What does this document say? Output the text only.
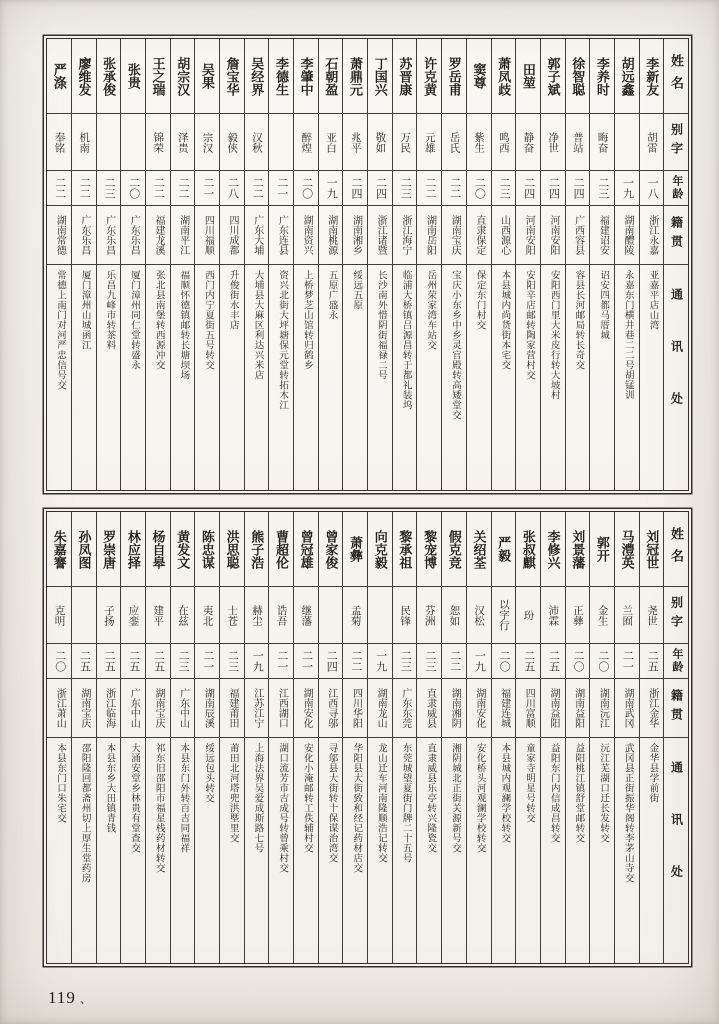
姓名
别字
年龄
籍贯
通讯处
李新友
胡雷
一八
浙江永嘉
亚嘉平店山湾
胡远鑫
一九
湖南醴陵
永嘉东门横井巷二二号胡锰训
李养时
晦奋
二三
福建诏安
诏安四都马厝城
徐智聪
普站
二四
广西容县
容县长河邮局转长奇交
郭子斌
净世
二四
河南安阳
安阳西门里大米皮行转大坡村
田堃
静奋
二四
河南安阳
安阳辛店邮转陶家营村交
萧凤歧
鸣西
二三
山西源心
本县城内尚货街本宅交
窦尊
紫生
二〇
直隶保定
保定东门村交
罗岳甫
岳氏
二二
湖南宝庆
宝庆小东乡中乡灵官殿转高矮堂交
许克黄
元雄
二二
湖南岳阳
岳州荣家湾车站交
苏晋康
万民
二三
浙江海宁
临浦大桥镇吕源昌转于都礼装坞
丁国兴
敬如
二四
浙江诸暨
长沙南外惜阴街福禄二号
萧鼎元
兆平
二四
湖南湘乡
绥远五原
石朝盈
亚白
一九
湖南桃源
五原广盛永
李肇中
醉煌
二〇
湖南资兴
上桥梦芝山馆转归鹤乡
李德生
二一
广东连县
资兴北街大坪塘保元堂转拓木江
吴经界
汉秋
二二
广东大埔
大埔县大麻区利达兴米店
詹宝华
毅俠
二八
四川成都
升俊街水丰店
吴果
宗汉
二一
四川福顺
西门内宁夏街五号转交
胡宗汉
泽贵
二二
湖南平江
福顺怀德镇邮转长塘坝场
王之瑞
锦荣
二二
福建龙溪
张北县南堡转西源冲交
张贵
二〇
广东乐昌
厦门漳州同仁堂转盛永
张承俊
二三
广东乐昌
乐昌九峰市转茶料
廖维发
机南
二二
广东乐昌
厦门漳州山城函江
严涤
奉铭
二二
湖南常德
常德上南门对河严忠信号交
姓名
别字
年龄
籍贯
通讯处
刘冠世
尧世
二五
浙江金华
金华县学前街
马澧英
兰囿
二一
湖南武冈
武冈县正街振华阁转李茅山寺交
郭开
金生
二〇
湖南沅江
沅江芜湖口迁长发转交
刘景藩
正彝
二〇
湖南益阳
益阳桃江镇舒堂邮转交
李修兴
沛霖
二五
湖南益阳
益阳东门内信成昌转交
张叔麒
玢
二五
四川富顺
童家寺明星号转交
严毅
以字行
二〇
福建连城
本县城内观澜学校转交
关绍荃
汉松
一九
湖南安化
安化桥头河观澜学校转交
假克竞
恕如
二二
湖南湘阴
湘阴城北正街关源新号交
黎宠博
芬洲
二三
直隶威县
直隶威县乐亭转兴隆瓷交
黎承祖
民锋
二三
广东东莞
东莞城望夏街门牌二十五号
向克毅
一九
湖南龙山
龙山迁车河南隆顺浩记转交
萧彝
孟菊
二二
四川华阳
华阳县大街致和经记药材店交
曾家俊
二四
江西寻邬
寻邬县大街转十保谋治湾交
曾冠雄
继藩
二一
湖南安化
安化小淹邮转工佚辅村交
曹超伦
诰吾
二一
江西湖口
湖口流芳市吉成号转曾乘村交
熊子浩
赫尘
一九
江苏江宁
上海法界吴爱成斯路七号
洪思聪
士苍
二三
福建莆田
莆田北河塔兜洪塈里交
陈忠谋
夷北
二一
湖南辰溪
绥远包头转交
黄发文
在兹
二三
广东中山
本县东门外转百吉同福祥
杨自皋
建平
二五
湖南宝庆
祁东旧邵阳市福星栈药材转交
林应择
应銮
二五
广东中山
大涌安堂乡林贵有堂查交
罗崇唐
子扬
二五
浙江临海
本县东乡大田镇青钱
孙凤图
二五
湖南宝庆
邵阳隆回都斋州切上厚生堂药房
朱嘉謇
克明
二〇
浙江萧山
本县东门口朱宅交
119 、
